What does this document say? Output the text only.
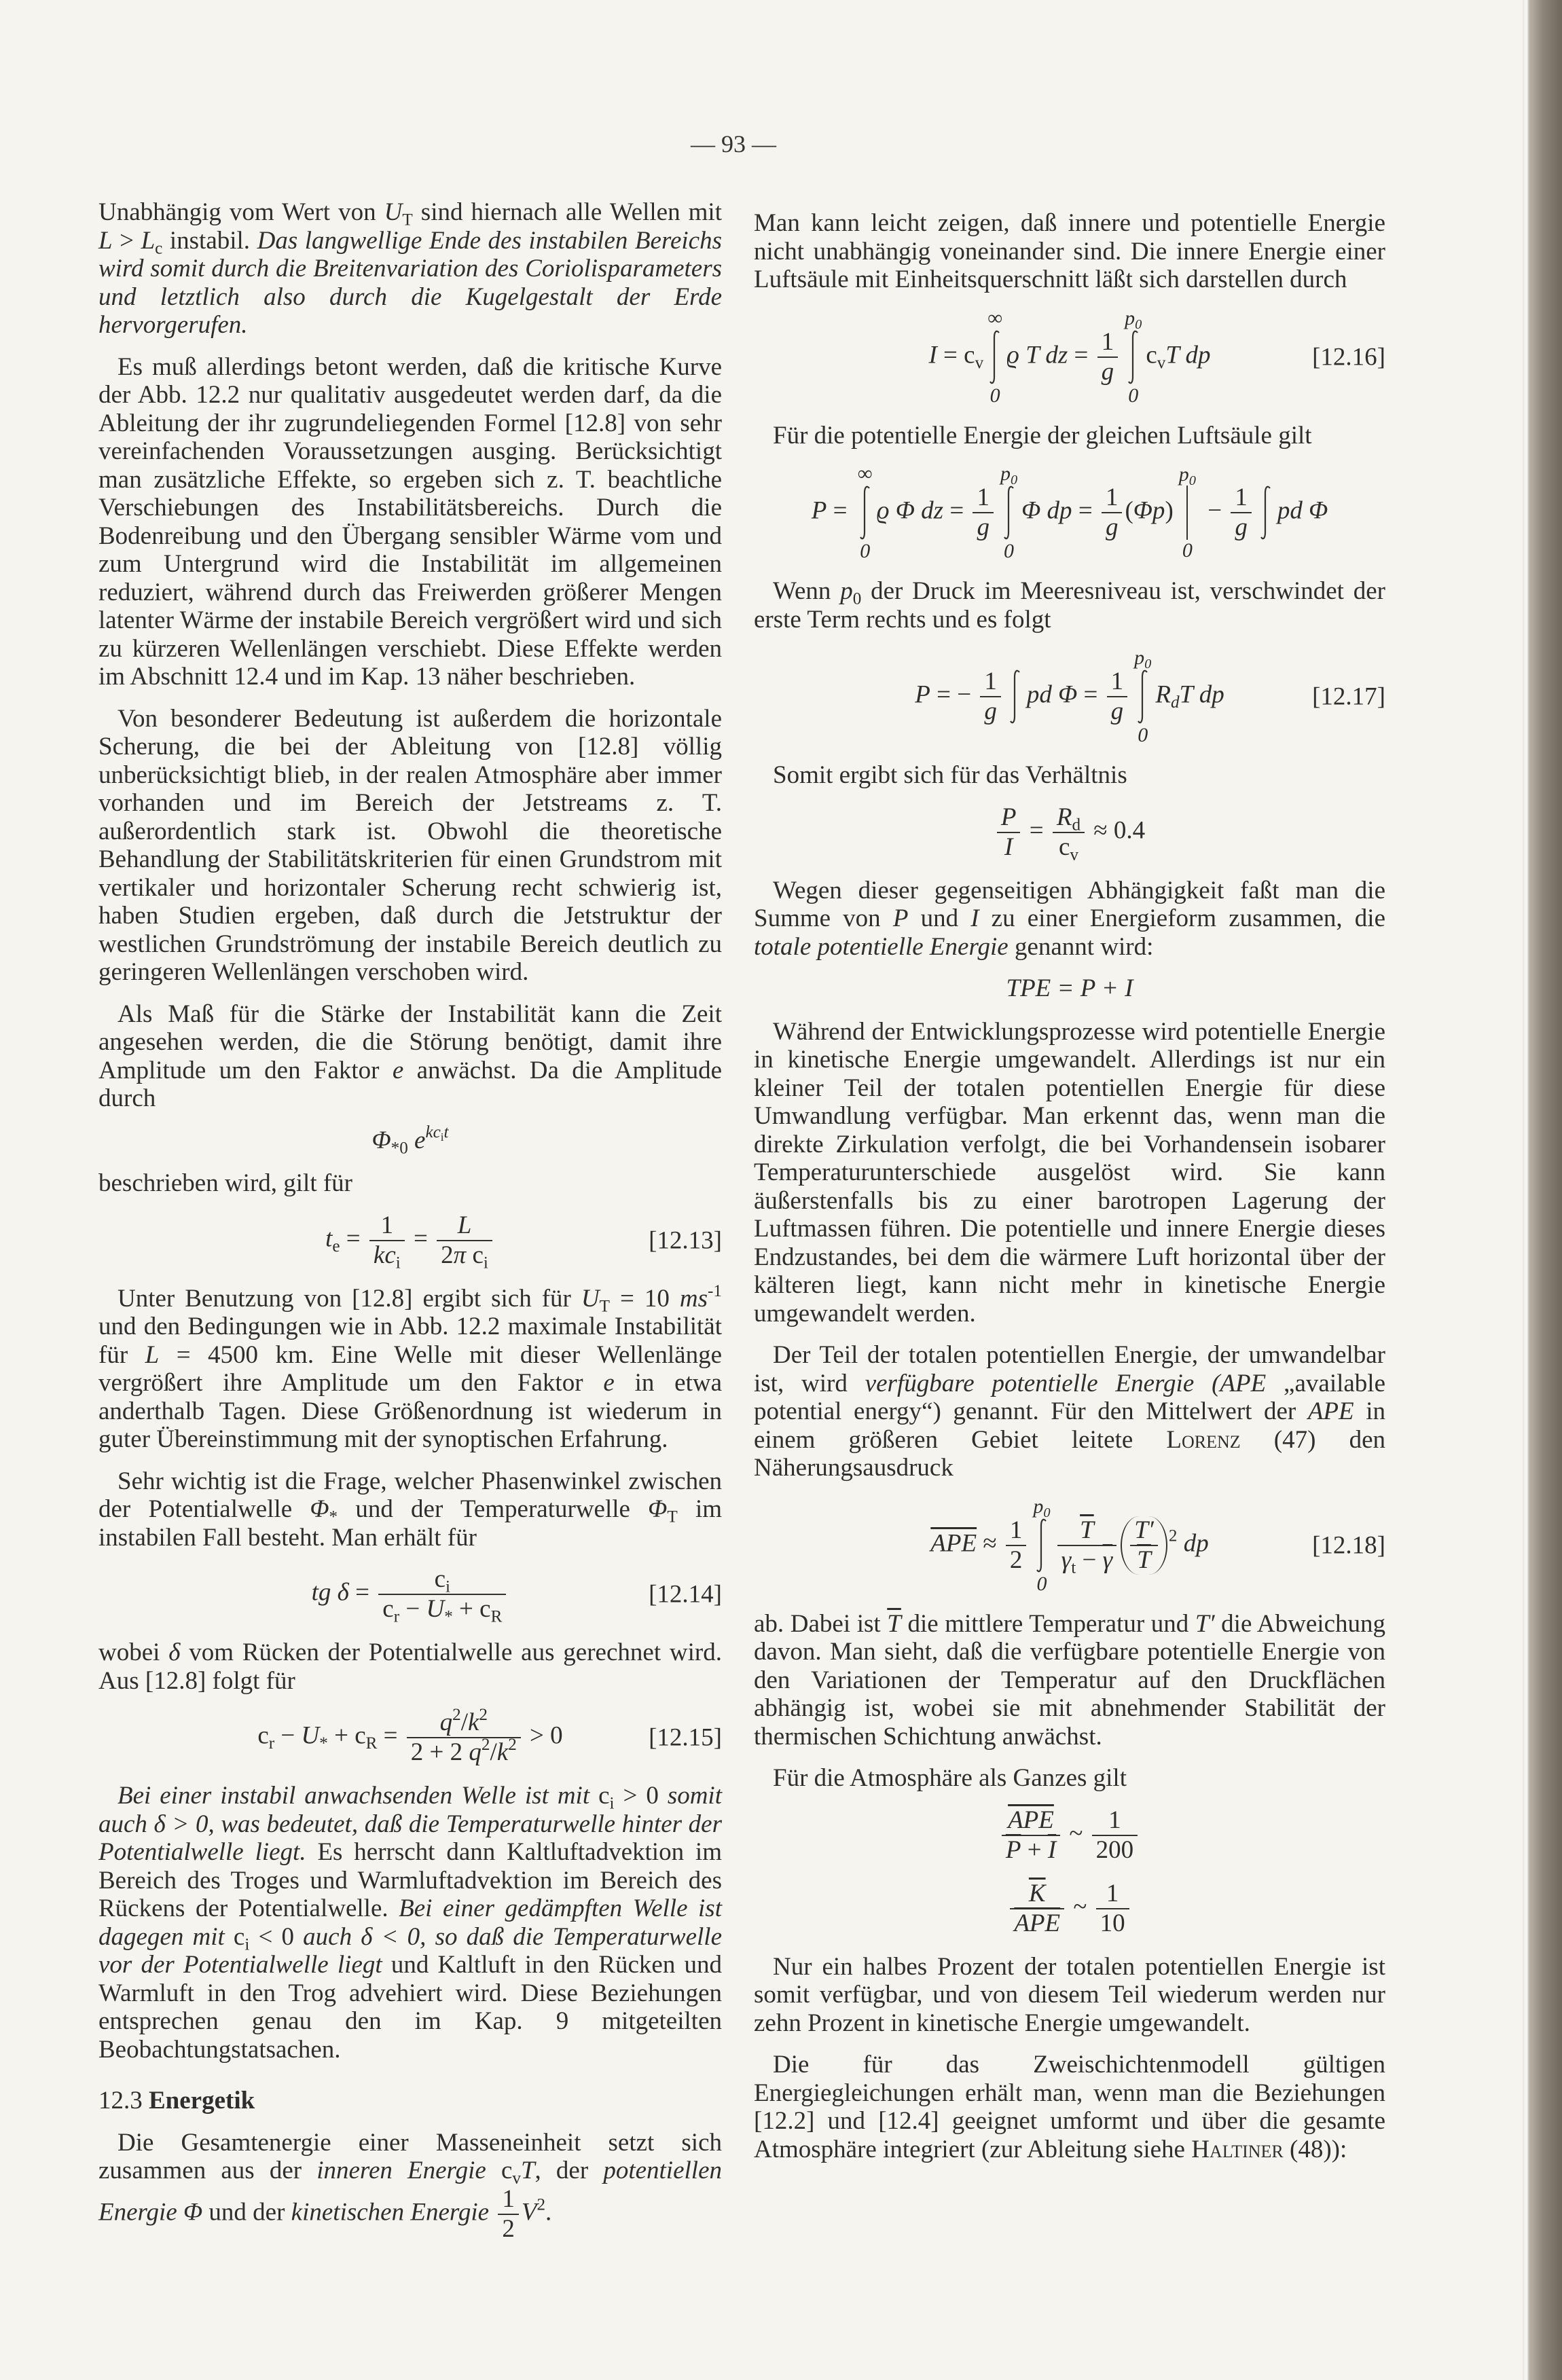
— 93 —
Unabhängig vom Wert von $U_T$ sind hiernach alle Wellen mit $L > L_c$ instabil. Das langwellige Ende des instabilen Bereichs wird somit durch die Breitenvariation des Coriolisparameters und letztlich also durch die Kugelgestalt der Erde hervorgerufen.
Es muß allerdings betont werden, daß die kritische Kurve der Abb. 12.2 nur qualitativ ausgedeutet werden darf, da die Ableitung der ihr zugrundeliegenden Formel [12.8] von sehr vereinfachenden Voraussetzungen ausging. Berücksichtigt man zusätzliche Effekte, so ergeben sich z. T. beachtliche Verschiebungen des Instabilitätsbereichs. Durch die Bodenreibung und den Übergang sensibler Wärme vom und zum Untergrund wird die Instabilität im allgemeinen reduziert, während durch das Freiwerden größerer Mengen latenter Wärme der instabile Bereich vergrößert wird und sich zu kürzeren Wellenlängen verschiebt. Diese Effekte werden im Abschnitt 12.4 und im Kap. 13 näher beschrieben.
Von besonderer Bedeutung ist außerdem die horizontale Scherung, die bei der Ableitung von [12.8] völlig unberücksichtigt blieb, in der realen Atmosphäre aber immer vorhanden und im Bereich der Jetstreams z. T. außerordentlich stark ist. Obwohl die theoretische Behandlung der Stabilitätskriterien für einen Grundstrom mit vertikaler und horizontaler Scherung recht schwierig ist, haben Studien ergeben, daß durch die Jetstruktur der westlichen Grundströmung der instabile Bereich deutlich zu geringeren Wellenlängen verschoben wird.
Als Maß für die Stärke der Instabilität kann die Zeit angesehen werden, die die Störung benötigt, damit ihre Amplitude um den Faktor e anwächst. Da die Amplitude durch
$\Phi_{*0}$ $e^{kc_it}$
beschrieben wird, gilt für
$t_e = \frac{1}{kc_i} = \frac{L}{2\pi c_i}$	[12.13]
Unter Benutzung von [12.8] ergibt sich für $U_T = 10$ $ms^{-1}$ und den Bedingungen wie in Abb. 12.2 maximale Instabilität für L = 4500 km. Eine Welle mit dieser Wellenlänge vergrößert ihre Amplitude um den Faktor e in etwa anderthalb Tagen. Diese Größenordnung ist wiederum in guter Übereinstimmung mit der synoptischen Erfahrung.
Sehr wichtig ist die Frage, welcher Phasenwinkel zwischen der Potentialwelle $\Phi_*$ und der Temperaturwelle $\Phi_T$ im instabilen Fall besteht. Man erhält für
tg $\delta = \frac{c_i}{c_r - U_* + c_R}$	[12.14]
wobei δ vom Rücken der Potentialwelle aus gerechnet wird. Aus [12.8] folgt für
$c_r - U_* + c_R = \frac{q^2/k^2}{2 + 2 q^2/k^2} > 0$	[12.15]
Bei einer instabil anwachsenden Welle ist mit $c_i > 0$ somit auch δ > 0, was bedeutet, daß die Temperaturwelle hinter der Potentialwelle liegt. Es herrscht dann Kaltluftadvektion im Bereich des Troges und Warmluftadvektion im Bereich des Rückens der Potentialwelle. Bei einer gedämpften Welle ist dagegen mit $c_i < 0$ auch δ < 0, so daß die Temperaturwelle vor der Potentialwelle liegt und Kaltluft in den Rücken und Warmluft in den Trog advehiert wird. Diese Beziehungen entsprechen genau den im Kap. 9 mitgeteilten Beobachtungstatsachen.
12.3 Energetik
Die Gesamtenergie einer Masseneinheit setzt sich zusammen aus der inneren Energie $c_vT$, der potentiellen Energie Φ und der kinetischen Energie $\frac{1}{2} V^2$.
Man kann leicht zeigen, daß innere und potentielle Energie nicht unabhängig voneinander sind. Die innere Energie einer Luftsäule mit Einheitsquerschnitt läßt sich darstellen durch
$I = c_v$
∞
0
ϱ T dz = $\frac{1}{g}$
$p_0$
0
$c_vT$ dp	[12.16]
Für die potentielle Energie der gleichen Luftsäule gilt
P =
∞
0
ϱ Φ dz = $\frac{1}{g}$
$p_0$
0
Φ dp = $\frac{1}{g} (\Phi p)$
$p_0$
0
− $\frac{1}{g}$ pd Φ
Wenn $p_0$ der Druck im Meeresniveau ist, verschwindet der erste Term rechts und es folgt
P = − $\frac{1}{g}$ pd $\Phi = \frac{1}{g}$
$p_0$
0
$R_dT$ dp	[12.17]
Somit ergibt sich für das Verhältnis
$\frac{P}{I} = \frac{R_d}{c_v} \approx 0.4$
Wegen dieser gegenseitigen Abhängigkeit faßt man die Summe von P und I zu einer Energieform zusammen, die totale potentielle Energie genannt wird:
TPE = P + I
Während der Entwicklungsprozesse wird potentielle Energie in kinetische Energie umgewandelt. Allerdings ist nur ein kleiner Teil der totalen potentiellen Energie für diese Umwandlung verfügbar. Man erkennt das, wenn man die direkte Zirkulation verfolgt, die bei Vorhandensein isobarer Temperaturunterschiede ausgelöst wird. Sie kann äußerstenfalls bis zu einer barotropen Lagerung der Luftmassen führen. Die potentielle und innere Energie dieses Endzustandes, bei dem die wärmere Luft horizontal über der kälteren liegt, kann nicht mehr in kinetische Energie umgewandelt werden.
Der Teil der totalen potentiellen Energie, der umwandelbar ist, wird verfügbare potentielle Energie (APE „available potential energy“) genannt. Für den Mittelwert der APE in einem größeren Gebiet leitete Lorenz (47) den Näherungsausdruck
$\overline{APE} \approx \frac{1}{2}$
$p_0$
0
$\frac{\overline{T}}{\gamma_t - \overline{\gamma}} \frac{T'}{T} ^2$ dp	[12.18]
ab. Dabei ist $\overline{T}$ die mittlere Temperatur und T′ die Abweichung davon. Man sieht, daß die verfügbare potentielle Energie von den Variationen der Temperatur auf den Druckflächen abhängig ist, wobei sie mit abnehmender Stabilität der thermischen Schichtung anwächst.
Für die Atmosphäre als Ganzes gilt
$\frac{\overline{APE}}{\overline{P} + \overline{I}}$ ~ $\frac{1}{200}$
$\frac{\overline{K}}{\text{APE}}$ ~ $\frac{1}{10}$
Nur ein halbes Prozent der totalen potentiellen Energie ist somit verfügbar, und von diesem Teil wiederum werden nur zehn Prozent in kinetische Energie umgewandelt.
Die für das Zweischichtenmodell gültigen Energiegleichungen erhält man, wenn man die Beziehungen [12.2] und [12.4] geeignet umformt und über die gesamte Atmosphäre integriert (zur Ableitung siehe Haltiner (48)):
